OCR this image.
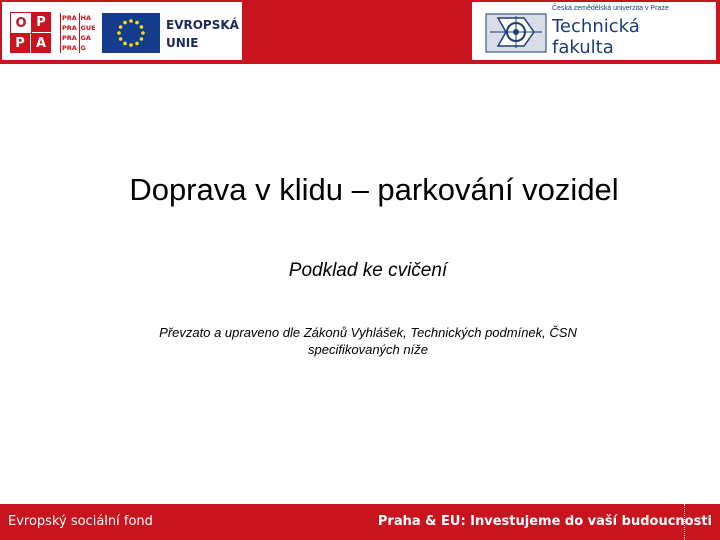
O P
P A
PRA HA
PRA GUE
PRA GA
PRA G
EVROPSKÁ
UNIE
Česká zemědělská univerzita v Praze
Technická
fakulta
Doprava v klidu – parkování vozidel
Podklad ke cvičení
Převzato a upraveno dle Zákonů Vyhlášek, Technických podmínek, ČSN
specifikovaných níže
Evropský sociální fond	Praha & EU: Investujeme do vaší budoucnosti
